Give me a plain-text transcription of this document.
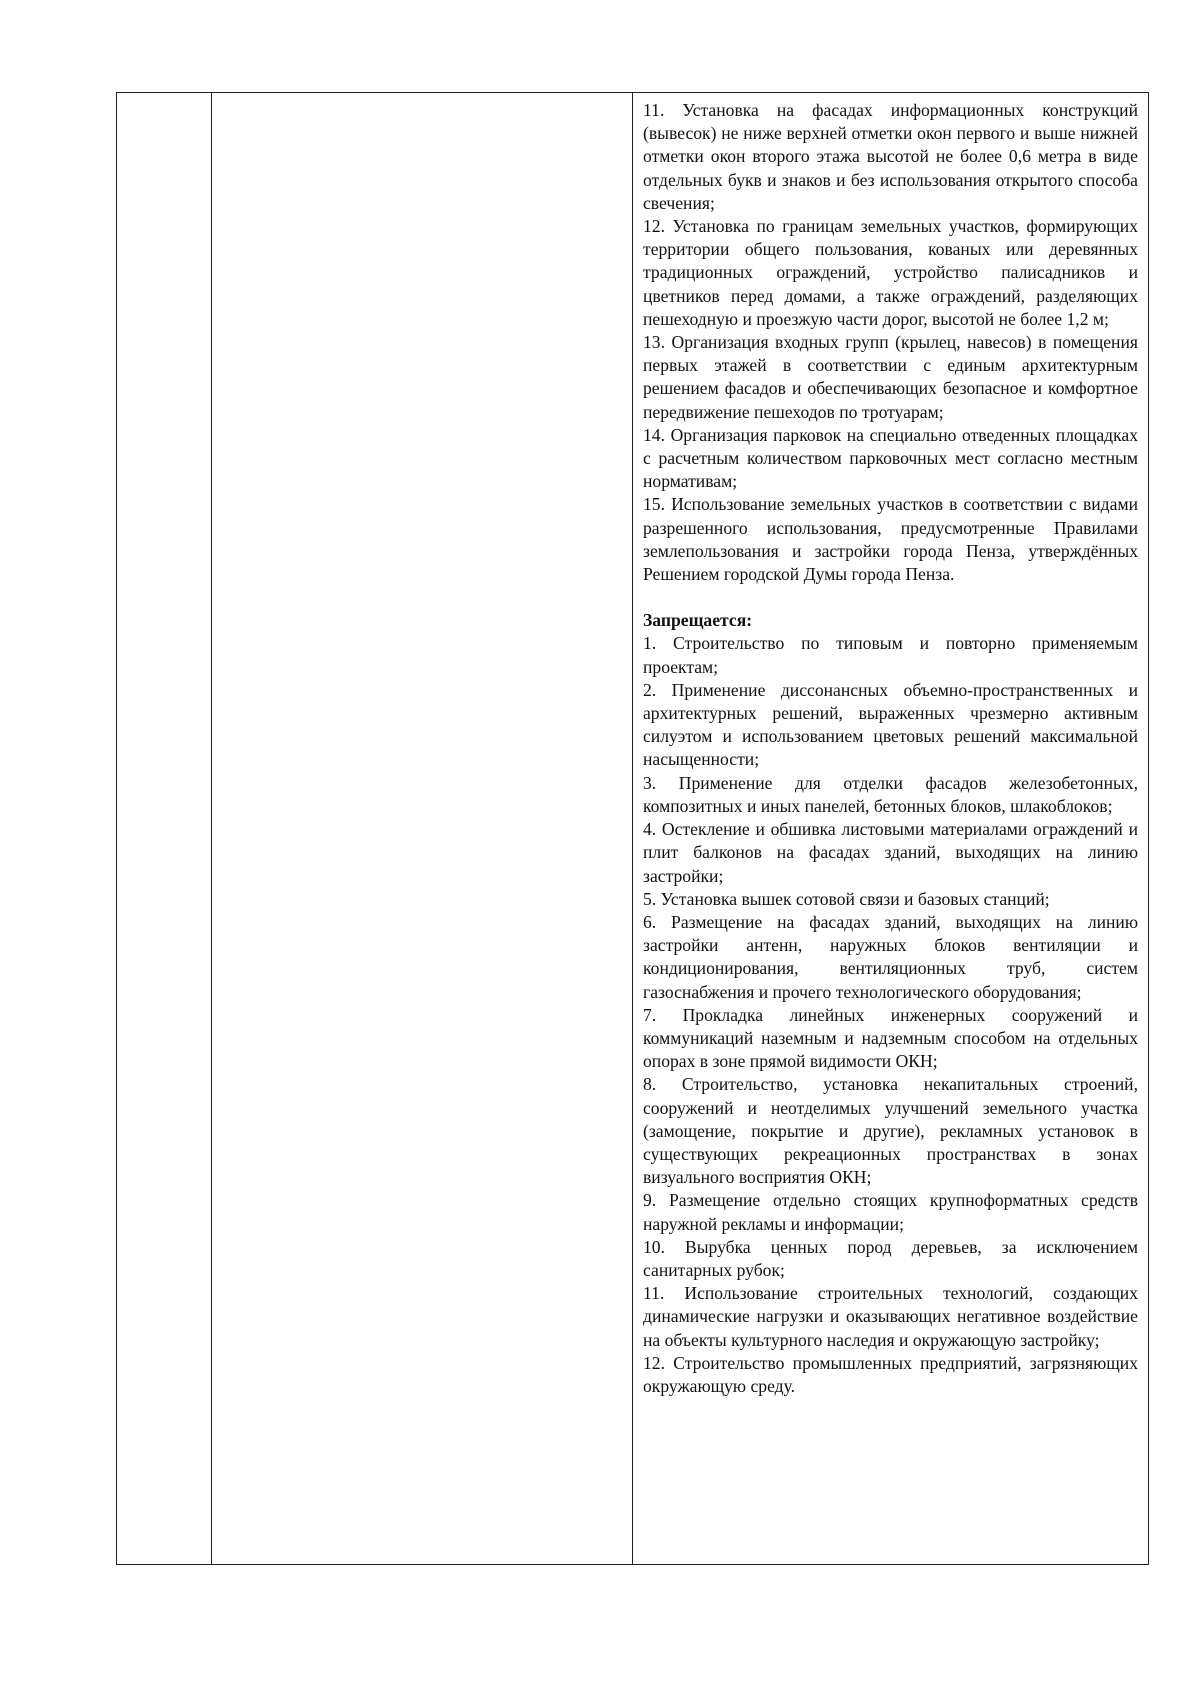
11. Установка на фасадах информационных конструкций (вывесок) не ниже верхней отметки окон первого и выше нижней отметки окон второго этажа высотой не более 0,6 метра в виде отдельных букв и знаков и без использования открытого способа свечения;

12. Установка по границам земельных участков, формирующих территории общего пользования, кованых или деревянных традиционных ограждений, устройство палисадников и цветников перед домами, а также ограждений, разделяющих пешеходную и проезжую части дорог, высотой не более 1,2 м;

13. Организация входных групп (крылец, навесов) в помещения первых этажей в соответствии с единым архитектурным решением фасадов и обеспечивающих безопасное и комфортное передвижение пешеходов по тротуарам;

14. Организация парковок на специально отведенных площадках с расчетным количеством парковочных мест согласно местным нормативам;

15. Использование земельных участков в соответствии с видами разрешенного использования, предусмотренные Правилами землепользования и застройки города Пенза, утверждённых Решением городской Думы города Пенза.

Запрещается:

1. Строительство по типовым и повторно применяемым проектам;

2. Применение диссонансных объемно-пространственных и архитектурных решений, выраженных чрезмерно активным силуэтом и использованием цветовых решений максимальной насыщенности;

3. Применение для отделки фасадов железобетонных, композитных и иных панелей, бетонных блоков, шлакоблоков;

4. Остекление и обшивка листовыми материалами ограждений и плит балконов на фасадах зданий, выходящих на линию застройки;

5. Установка вышек сотовой связи и базовых станций;

6. Размещение на фасадах зданий, выходящих на линию застройки антенн, наружных блоков вентиляции и кондиционирования, вентиляционных труб, систем газоснабжения и прочего технологического оборудования;

7. Прокладка линейных инженерных сооружений и коммуникаций наземным и надземным способом на отдельных опорах в зоне прямой видимости ОКН;

8. Строительство, установка некапитальных строений, сооружений и неотделимых улучшений земельного участка (замощение, покрытие и другие), рекламных установок в существующих рекреационных пространствах в зонах визуального восприятия ОКН;

9. Размещение отдельно стоящих крупноформатных средств наружной рекламы и информации;

10. Вырубка ценных пород деревьев, за исключением санитарных рубок;

11. Использование строительных технологий, создающих динамические нагрузки и оказывающих негативное воздействие на объекты культурного наследия и окружающую застройку;

12. Строительство промышленных предприятий, загрязняющих окружающую среду.
